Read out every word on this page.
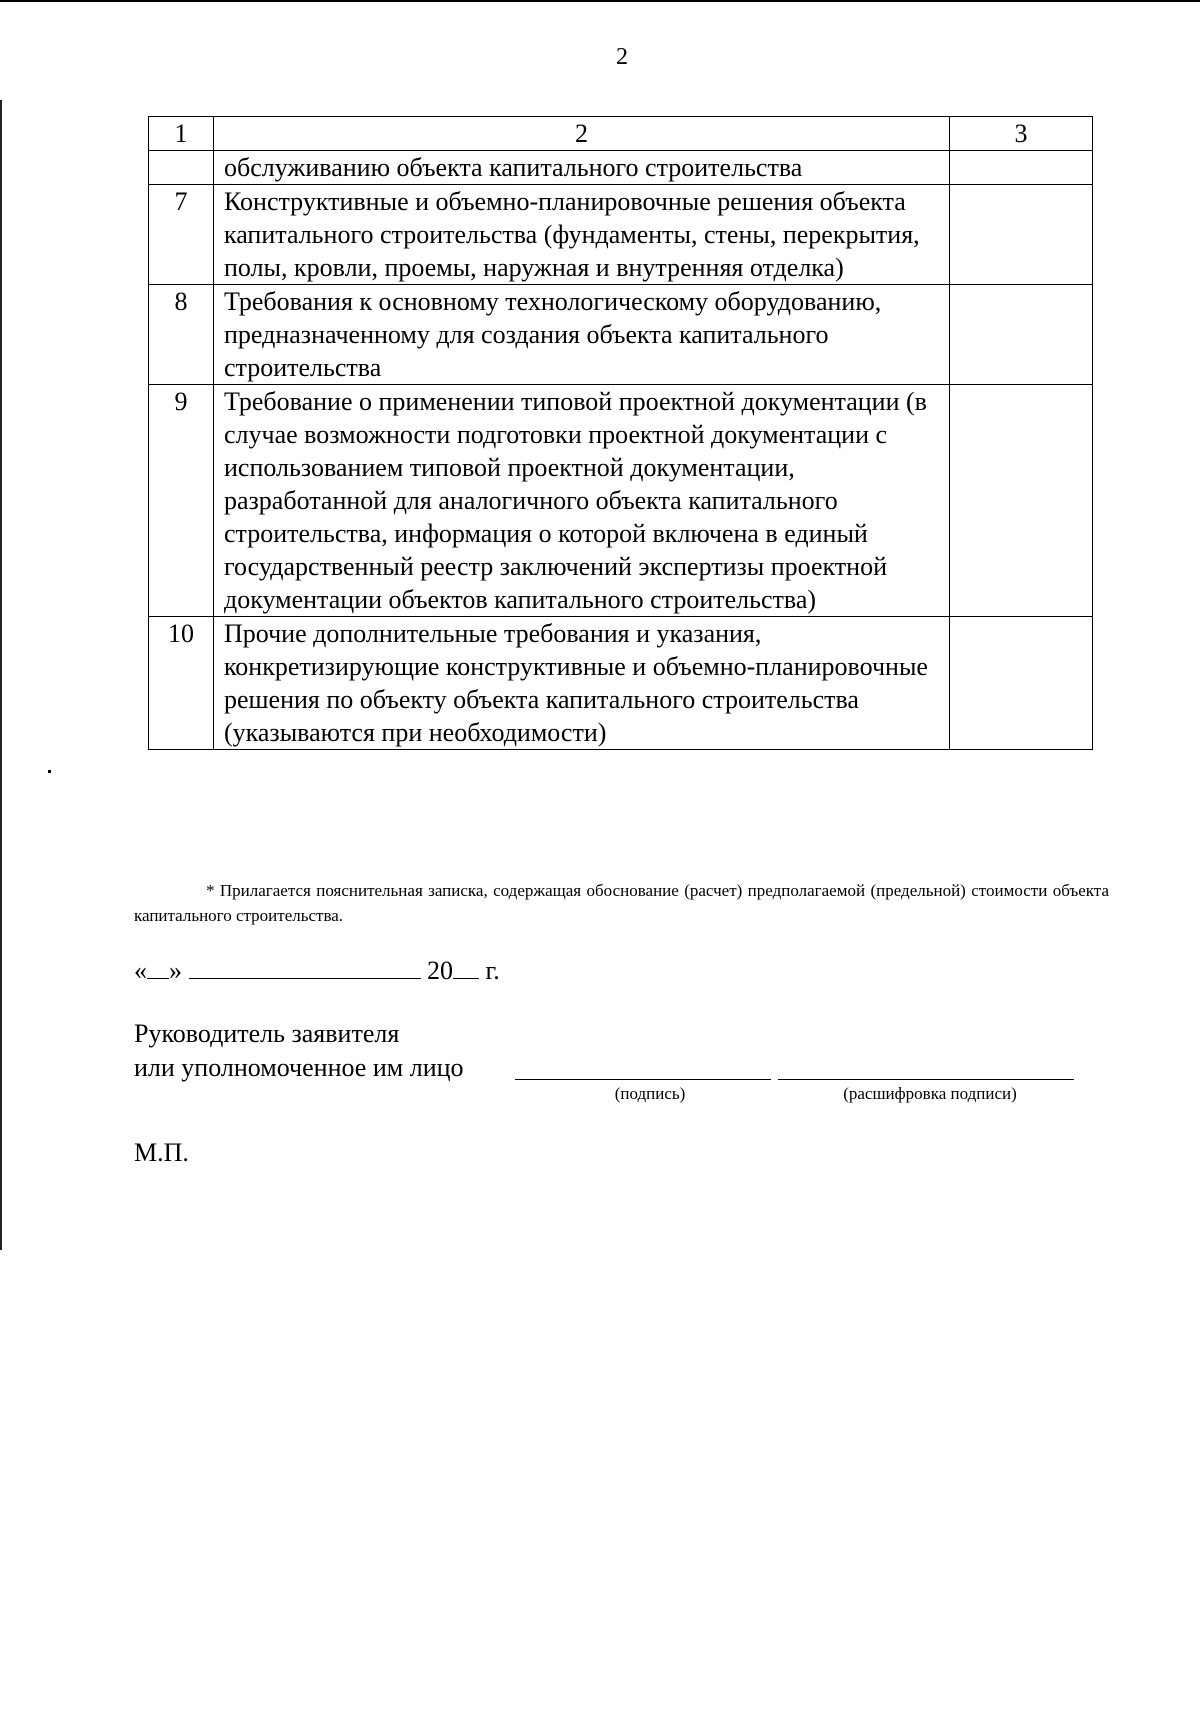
2
1	2	3
	обслуживанию объекта капитального строительства	
7	Конструктивные и объемно-планировочные решения объекта капитального строительства (фундаменты, стены, перекрытия, полы, кровли, проемы, наружная и внутренняя отделка)	
8	Требования к основному технологическому оборудованию, предназначенному для создания объекта капитального строительства	
9	Требование о применении типовой проектной документации (в случае возможности подготовки проектной документации с использованием типовой проектной документации, разработанной для аналогичного объекта капитального строительства, информация о которой включена в единый государственный реестр заключений экспертизы проектной документации объектов капитального строительства)	
10	Прочие дополнительные требования и указания, конкретизирующие конструктивные и объемно-планировочные решения по объекту объекта капитального строительства (указываются при необходимости)	
* Прилагается пояснительная записка, содержащая обоснование (расчет) предполагаемой (предельной) стоимости объекта капитального строительства.
« »	20 г.
Руководитель заявителя
или уполномоченное им лицо
(подпись)	(расшифровка подписи)
М.П.
